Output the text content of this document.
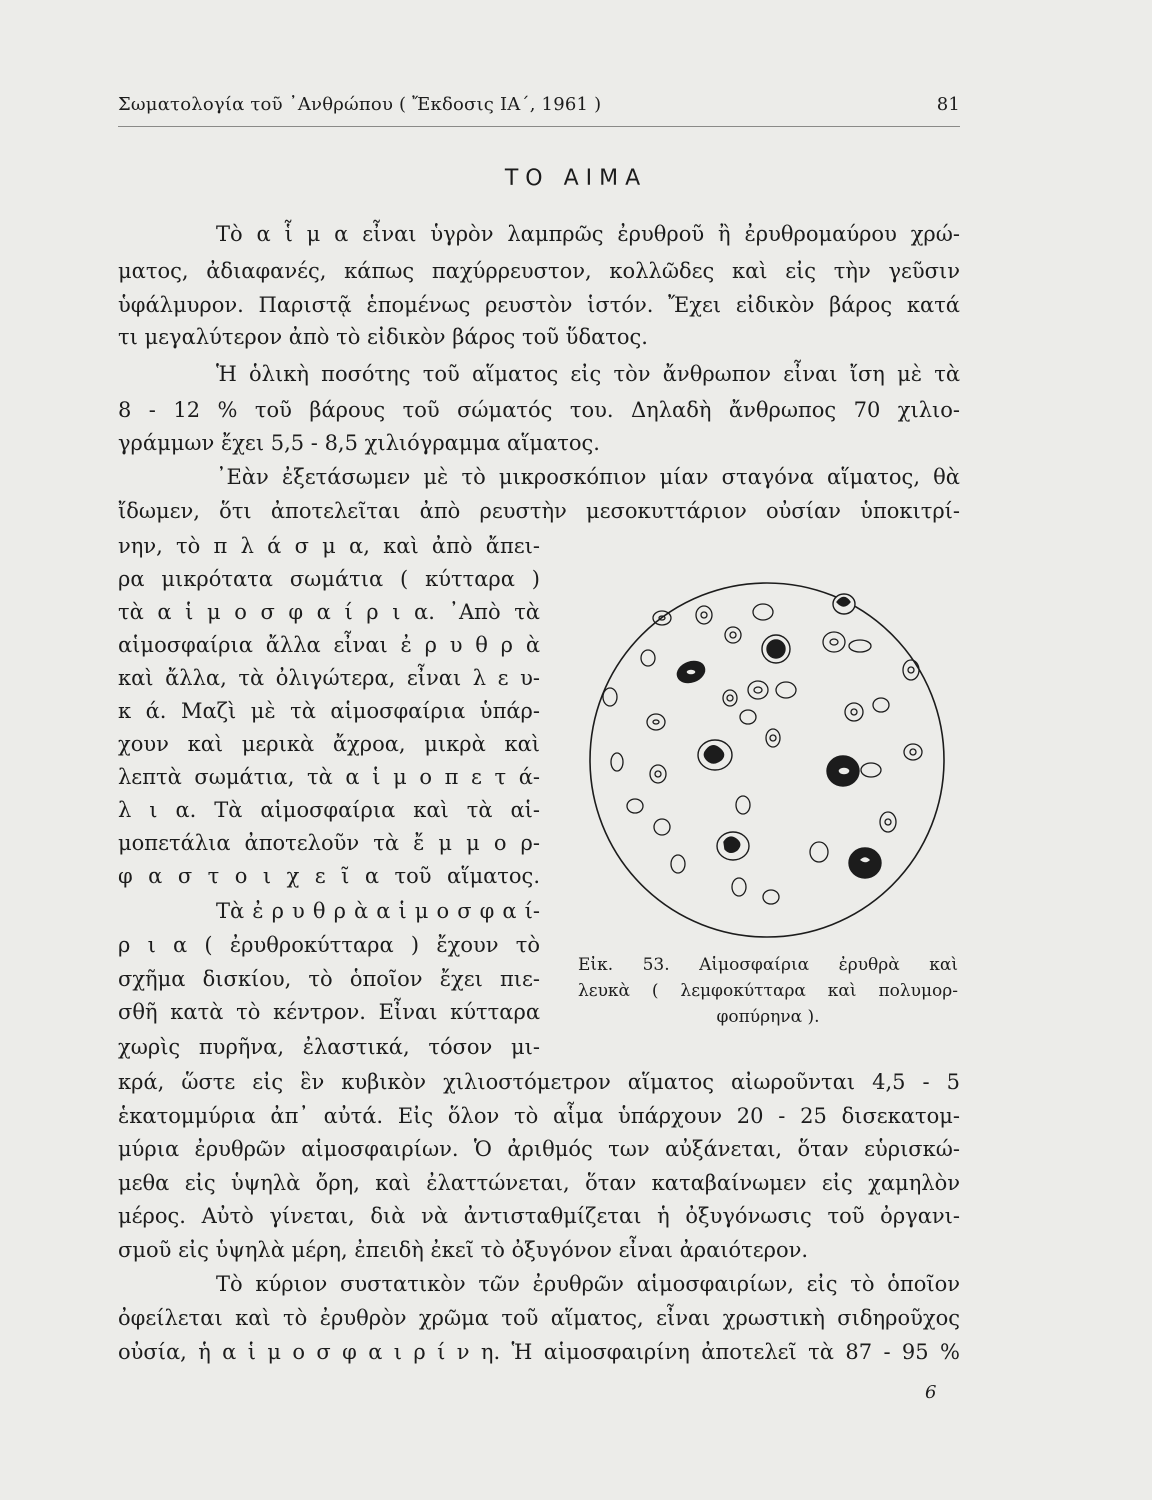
Σωματολογία τοῦ ᾿Ανθρώπου ( Ἔκδοσις ΙΑ΄, 1961 )	81
ΤΟ ΑΙΜΑ
Τὸ α ἷ μ α εἶναι ὑγρὸν λαμπρῶς ἐρυθροῦ ἢ ἐρυθρομαύρου χρώ-
ματος, ἀδιαφανές, κάπως παχύρρευστον, κολλῶδες καὶ εἰς τὴν γεῦσιν
ὑφάλμυρον. Παριστᾷ ἑπομένως ρευστὸν ἱστόν. Ἔχει εἰδικὸν βάρος κατά
τι μεγαλύτερον ἀπὸ τὸ εἰδικὸν βάρος τοῦ ὕδατος.
Ἡ ὁλικὴ ποσότης τοῦ αἵματος εἰς τὸν ἄνθρωπον εἶναι ἴση μὲ τὰ
8 - 12 % τοῦ βάρους τοῦ σώματός του. Δηλαδὴ ἄνθρωπος 70 χιλιο-
γράμμων ἔχει 5,5 - 8,5 χιλιόγραμμα αἵματος.
᾿Εὰν ἐξετάσωμεν μὲ τὸ μικροσκόπιον μίαν σταγόνα αἵματος, θὰ
ἴδωμεν, ὅτι ἀποτελεῖται ἀπὸ ρευστὴν μεσοκυττάριον οὐσίαν ὑποκιτρί-
νην, τὸ π λ ά σ μ α, καὶ ἀπὸ ἄπει-
ρα μικρότατα σωμάτια ( κύτταρα )
τὰ α ἱ μ ο σ φ α ί ρ ι α. ᾿Απὸ τὰ
αἱμοσφαίρια ἄλλα εἶναι ἐ ρ υ θ ρ ὰ
καὶ ἄλλα, τὰ ὀλιγώτερα, εἶναι λ ε υ-
κ ά. Μαζὶ μὲ τὰ αἱμοσφαίρια ὑπάρ-
χουν καὶ μερικὰ ἄχροα, μικρὰ καὶ
λεπτὰ σωμάτια, τὰ α ἱ μ ο π ε τ ά-
λ ι α. Τὰ αἱμοσφαίρια καὶ τὰ αἱ-
μοπετάλια ἀποτελοῦν τὰ ἔ μ μ ο ρ-
φ α σ τ ο ι χ ε ῖ α τοῦ αἵματος.
Τὰ ἐ ρ υ θ ρ ὰ α ἱ μ ο σ φ α ί-
ρ ι α ( ἐρυθροκύτταρα ) ἔχουν τὸ
σχῆμα δισκίου, τὸ ὁποῖον ἔχει πιε-
σθῆ κατὰ τὸ κέντρον. Εἶναι κύτταρα
χωρὶς πυρῆνα, ἐλαστικά, τόσον μι-
κρά, ὥστε εἰς ἓν κυβικὸν χιλιοστόμετρον αἵματος αἰωροῦνται 4,5 - 5
ἑκατομμύρια ἀπ᾿ αὐτά. Εἰς ὅλον τὸ αἷμα ὑπάρχουν 20 - 25 δισεκατομ-
μύρια ἐρυθρῶν αἱμοσφαιρίων. Ὁ ἀριθμός των αὐξάνεται, ὅταν εὑρισκώ-
μεθα εἰς ὑψηλὰ ὄρη, καὶ ἐλαττώνεται, ὅταν καταβαίνωμεν εἰς χαμηλὸν
μέρος. Αὐτὸ γίνεται, διὰ νὰ ἀντισταθμίζεται ἡ ὀξυγόνωσις τοῦ ὀργανι-
σμοῦ εἰς ὑψηλὰ μέρη, ἐπειδὴ ἐκεῖ τὸ ὀξυγόνον εἶναι ἀραιότερον.
Τὸ κύριον συστατικὸν τῶν ἐρυθρῶν αἱμοσφαιρίων, εἰς τὸ ὁποῖον
ὀφείλεται καὶ τὸ ἐρυθρὸν χρῶμα τοῦ αἵματος, εἶναι χρωστικὴ σιδηροῦχος
οὐσία, ἡ α ἱ μ ο σ φ α ι ρ ί ν η. Ἡ αἱμοσφαιρίνη ἀποτελεῖ τὰ 87 - 95 %
Εἰκ. 53. Αἱμοσφαίρια ἐρυθρὰ καὶ
λευκὰ ( λεμφοκύτταρα καὶ πολυμορ-
φοπύρηνα ).
6
